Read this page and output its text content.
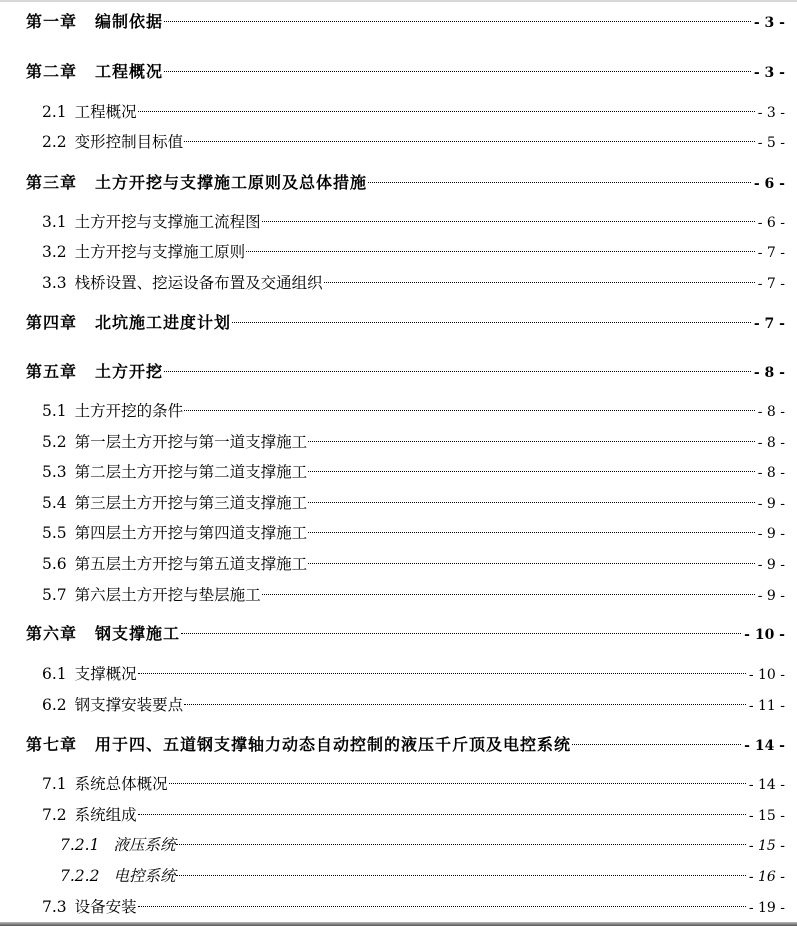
第一章 编制依据	- 3 -
第二章 工程概况	- 3 -
2.1 工程概况	- 3 -
2.2 变形控制目标值	- 5 -
第三章 土方开挖与支撑施工原则及总体措施	- 6 -
3.1 土方开挖与支撑施工流程图	- 6 -
3.2 土方开挖与支撑施工原则	- 7 -
3.3 栈桥设置、挖运设备布置及交通组织	- 7 -
第四章 北坑施工进度计划	- 7 -
第五章 土方开挖	- 8 -
5.1 土方开挖的条件	- 8 -
5.2 第一层土方开挖与第一道支撑施工	- 8 -
5.3 第二层土方开挖与第二道支撑施工	- 8 -
5.4 第三层土方开挖与第三道支撑施工	- 9 -
5.5 第四层土方开挖与第四道支撑施工	- 9 -
5.6 第五层土方开挖与第五道支撑施工	- 9 -
5.7 第六层土方开挖与垫层施工	- 9 -
第六章 钢支撑施工	- 10 -
6.1 支撑概况	- 10 -
6.2 钢支撑安装要点	- 11 -
第七章 用于四、五道钢支撑轴力动态自动控制的液压千斤顶及电控系统	- 14 -
7.1 系统总体概况	- 14 -
7.2 系统组成	- 15 -
7.2.1 液压系统	- 15 -
7.2.2 电控系统	- 16 -
7.3 设备安装	- 19 -
